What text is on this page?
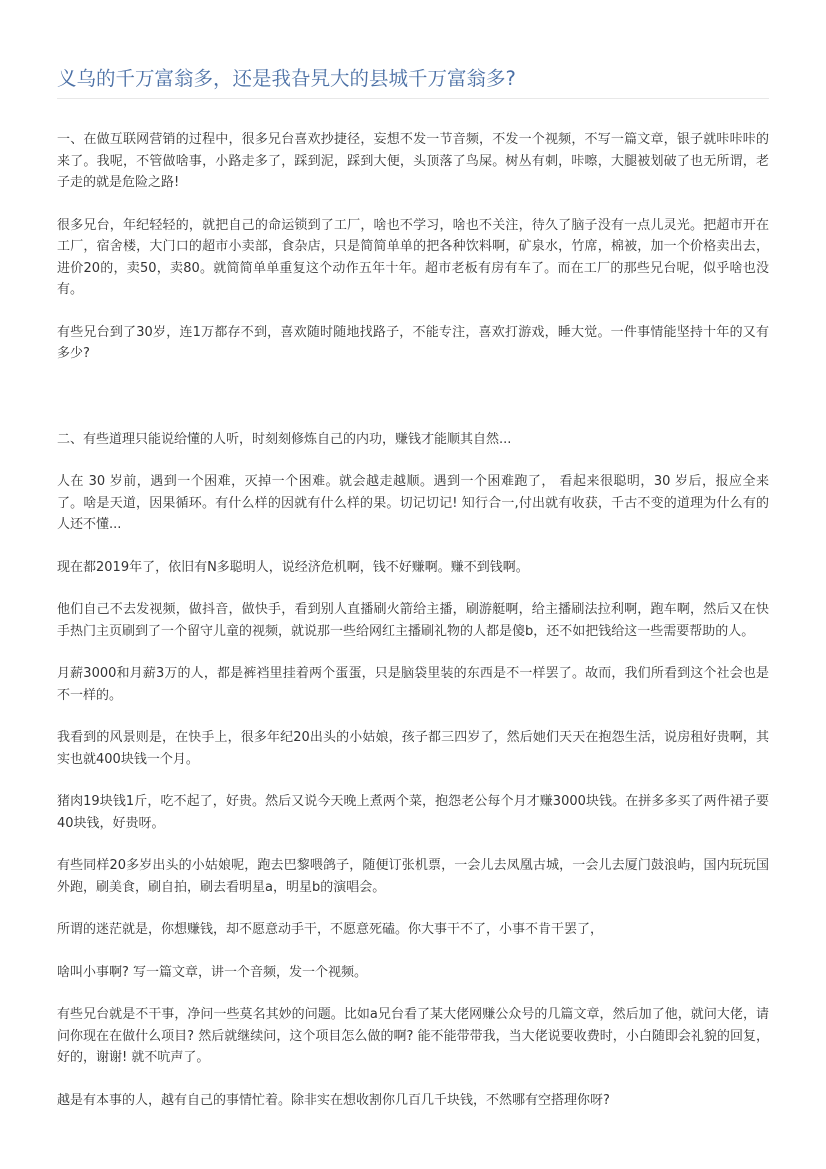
义乌的千万富翁多，还是我旮旯大的县城千万富翁多?

一、在做互联网营销的过程中，很多兄台喜欢抄捷径，妄想不发一节音频，不发一个视频，不写一篇文章，银子就咔咔咔的来了。我呢，不管做啥事，小路走多了，踩到泥，踩到大便，头顶落了鸟屎。树丛有刺，咔嚓，大腿被划破了也无所谓，老子走的就是危险之路!

很多兄台，年纪轻轻的，就把自己的命运锁到了工厂，啥也不学习，啥也不关注，待久了脑子没有一点儿灵光。把超市开在工厂，宿舍楼，大门口的超市小卖部，食杂店，只是简简单单的把各种饮料啊，矿泉水，竹席，棉被，加一个价格卖出去，进价20的，卖50，卖80。就简简单单重复这个动作五年十年。超市老板有房有车了。而在工厂的那些兄台呢，似乎啥也没有。

有些兄台到了30岁，连1万都存不到，喜欢随时随地找路子，不能专注，喜欢打游戏，睡大觉。一件事情能坚持十年的又有多少?

二、有些道理只能说给懂的人听，时刻刻修炼自己的内功，赚钱才能顺其自然...

人在 30 岁前，遇到一个困难，灭掉一个困难。就会越走越顺。遇到一个困难跑了， 看起来很聪明，30 岁后，报应全来了。啥是天道，因果循环。有什么样的因就有什么样的果。切记切记! 知行合一,付出就有收获，千古不变的道理为什么有的人还不懂...

现在都2019年了，依旧有N多聪明人，说经济危机啊，钱不好赚啊。赚不到钱啊。

他们自己不去发视频，做抖音，做快手，看到别人直播刷火箭给主播，刷游艇啊，给主播刷法拉利啊，跑车啊，然后又在快手热门主页刷到了一个留守儿童的视频，就说那一些给网红主播刷礼物的人都是傻b，还不如把钱给这一些需要帮助的人。

月薪3000和月薪3万的人，都是裤裆里挂着两个蛋蛋，只是脑袋里装的东西是不一样罢了。故而，我们所看到这个社会也是不一样的。

我看到的风景则是，在快手上，很多年纪20出头的小姑娘，孩子都三四岁了，然后她们天天在抱怨生活，说房租好贵啊，其实也就400块钱一个月。

猪肉19块钱1斤，吃不起了，好贵。然后又说今天晚上煮两个菜，抱怨老公每个月才赚3000块钱。在拼多多买了两件裙子要40块钱，好贵呀。

有些同样20多岁出头的小姑娘呢，跑去巴黎喂鸽子，随便订张机票，一会儿去凤凰古城，一会儿去厦门鼓浪屿，国内玩玩国外跑，刷美食，刷自拍，刷去看明星a，明星b的演唱会。

所谓的迷茫就是，你想赚钱，却不愿意动手干，不愿意死磕。你大事干不了，小事不肯干罢了，

啥叫小事啊? 写一篇文章，讲一个音频，发一个视频。

有些兄台就是不干事，净问一些莫名其妙的问题。比如a兄台看了某大佬网赚公众号的几篇文章，然后加了他，就问大佬，请问你现在在做什么项目? 然后就继续问，这个项目怎么做的啊? 能不能带带我，当大佬说要收费时，小白随即会礼貌的回复，好的，谢谢! 就不吭声了。

越是有本事的人，越有自己的事情忙着。除非实在想收割你几百几千块钱，不然哪有空搭理你呀?
